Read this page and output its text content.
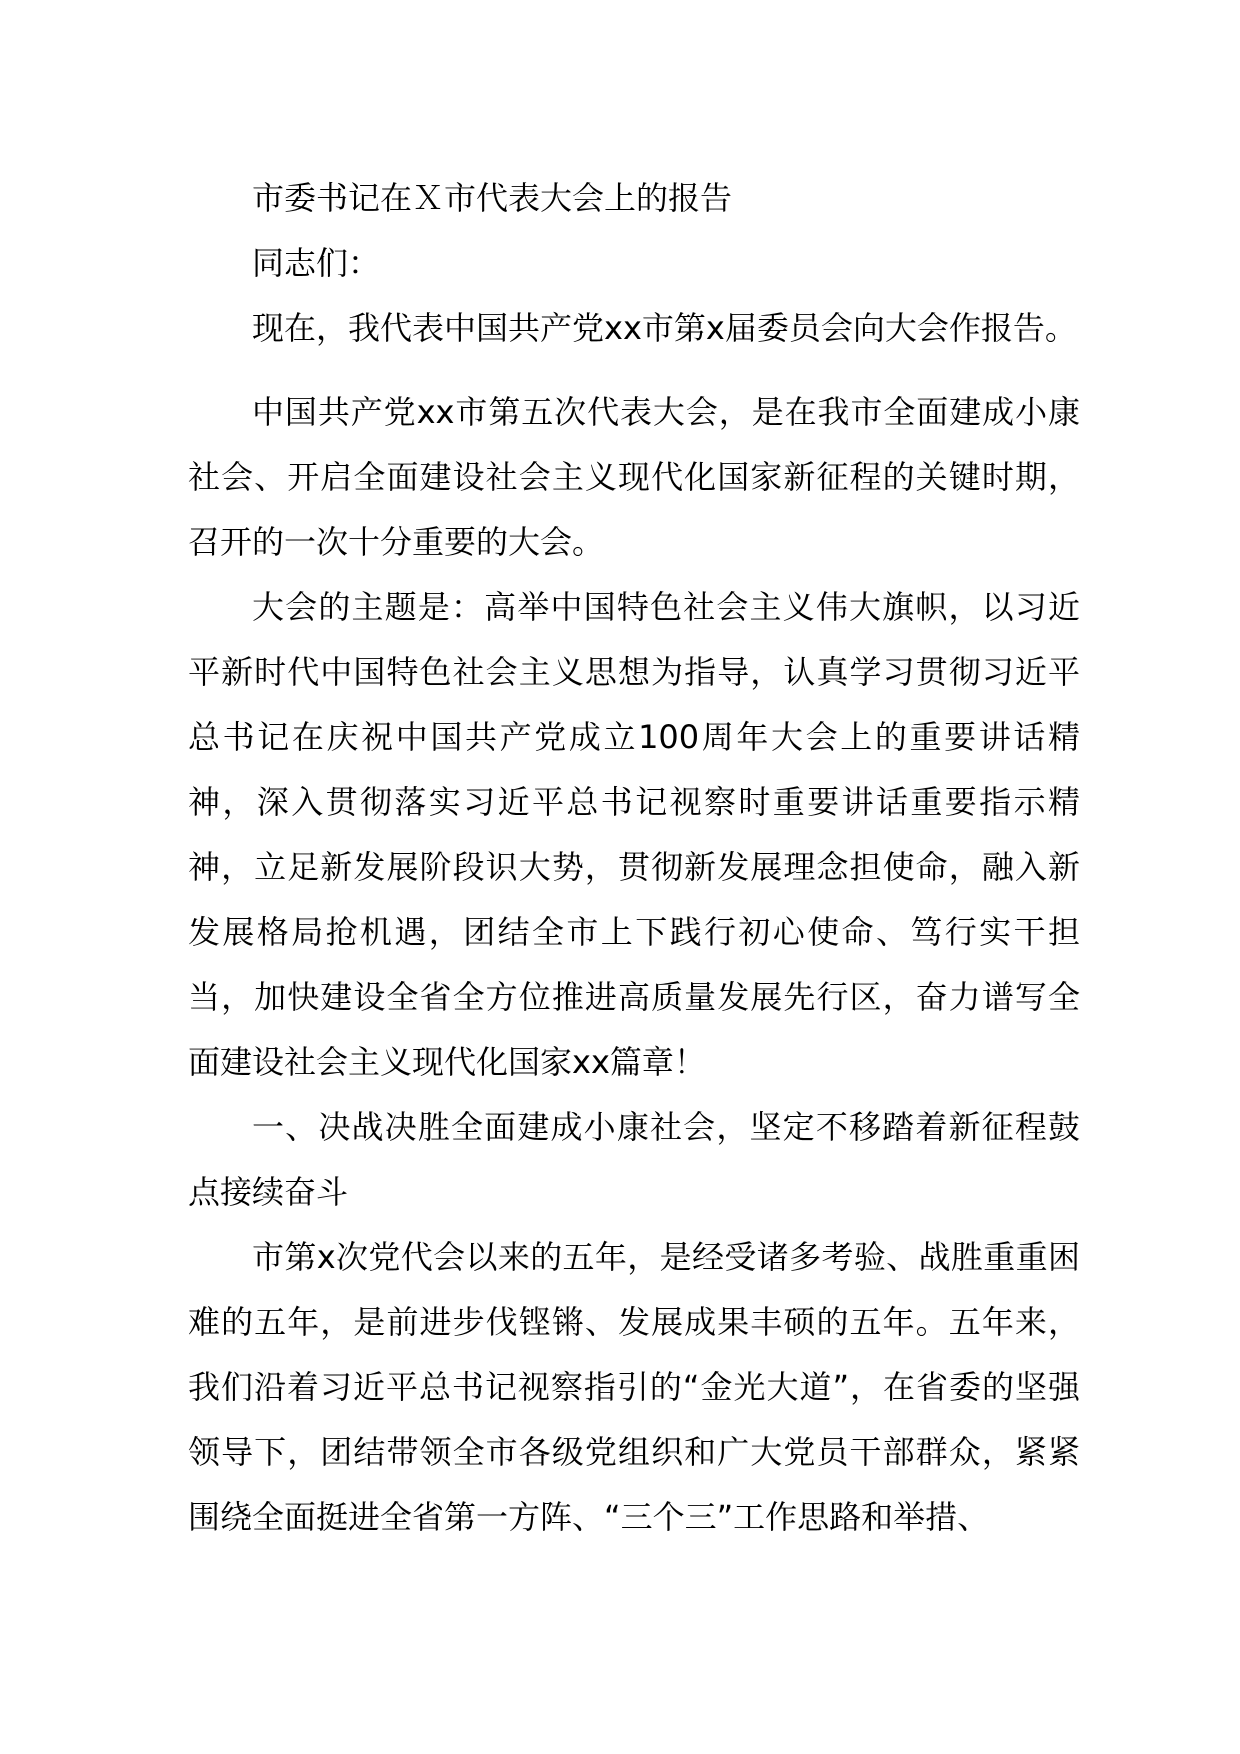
市委书记在Ｘ市代表大会上的报告

同志们：

现在，我代表中国共产党xx市第x届委员会向大会作报告。

中国共产党xx市第五次代表大会，是在我市全面建成小康社会、开启全面建设社会主义现代化国家新征程的关键时期，召开的一次十分重要的大会。

大会的主题是：高举中国特色社会主义伟大旗帜，以习近平新时代中国特色社会主义思想为指导，认真学习贯彻习近平总书记在庆祝中国共产党成立100周年大会上的重要讲话精神，深入贯彻落实习近平总书记视察时重要讲话重要指示精神，立足新发展阶段识大势，贯彻新发展理念担使命，融入新发展格局抢机遇，团结全市上下践行初心使命、笃行实干担当，加快建设全省全方位推进高质量发展先行区，奋力谱写全面建设社会主义现代化国家xx篇章！

一、决战决胜全面建成小康社会，坚定不移踏着新征程鼓点接续奋斗

市第x次党代会以来的五年，是经受诸多考验、战胜重重困难的五年，是前进步伐铿锵、发展成果丰硕的五年。五年来，我们沿着习近平总书记视察指引的“金光大道”，在省委的坚强领导下，团结带领全市各级党组织和广大党员干部群众，紧紧围绕全面挺进全省第一方阵、“三个三”工作思路和举措、
